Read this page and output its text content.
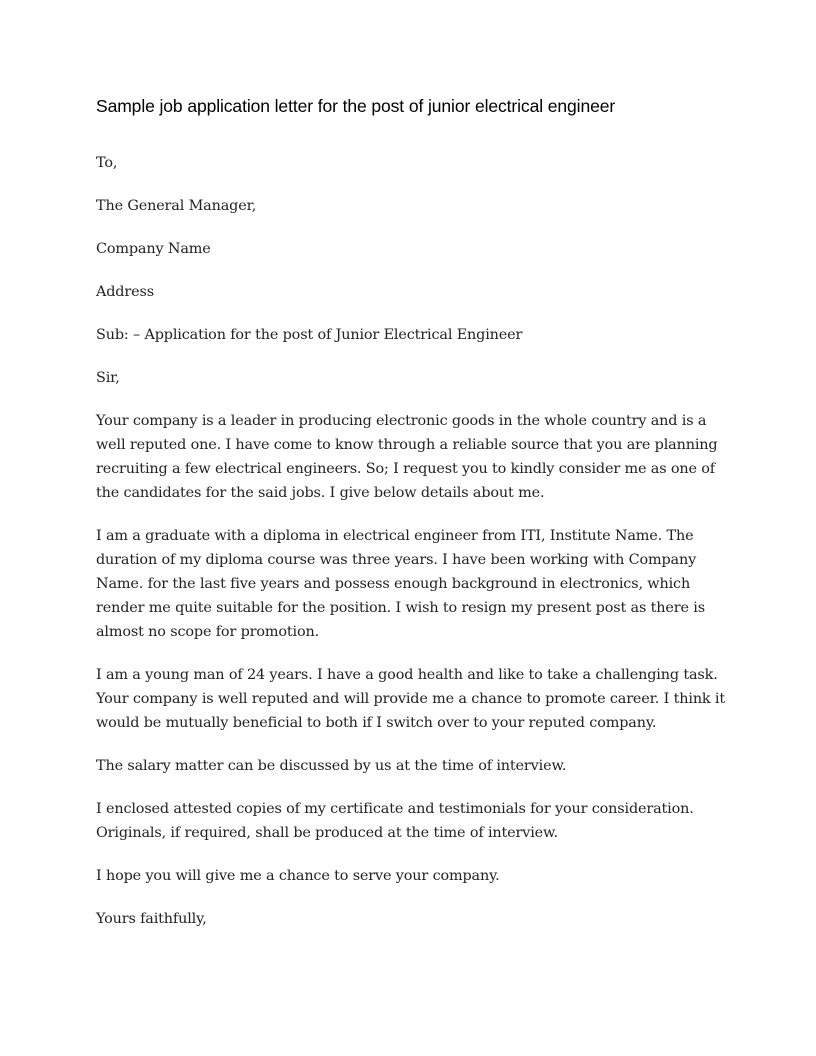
Sample job application letter for the post of junior electrical engineer

To,

The General Manager,

Company Name

Address

Sub: – Application for the post of Junior Electrical Engineer

Sir,

Your company is a leader in producing electronic goods in the whole country and is a
well reputed one. I have come to know through a reliable source that you are planning
recruiting a few electrical engineers. So; I request you to kindly consider me as one of
the candidates for the said jobs. I give below details about me.

I am a graduate with a diploma in electrical engineer from ITI, Institute Name. The
duration of my diploma course was three years. I have been working with Company
Name. for the last five years and possess enough background in electronics, which
render me quite suitable for the position. I wish to resign my present post as there is
almost no scope for promotion.

I am a young man of 24 years. I have a good health and like to take a challenging task.
Your company is well reputed and will provide me a chance to promote career. I think it
would be mutually beneficial to both if I switch over to your reputed company.

The salary matter can be discussed by us at the time of interview.

I enclosed attested copies of my certificate and testimonials for your consideration.
Originals, if required, shall be produced at the time of interview.

I hope you will give me a chance to serve your company.

Yours faithfully,
